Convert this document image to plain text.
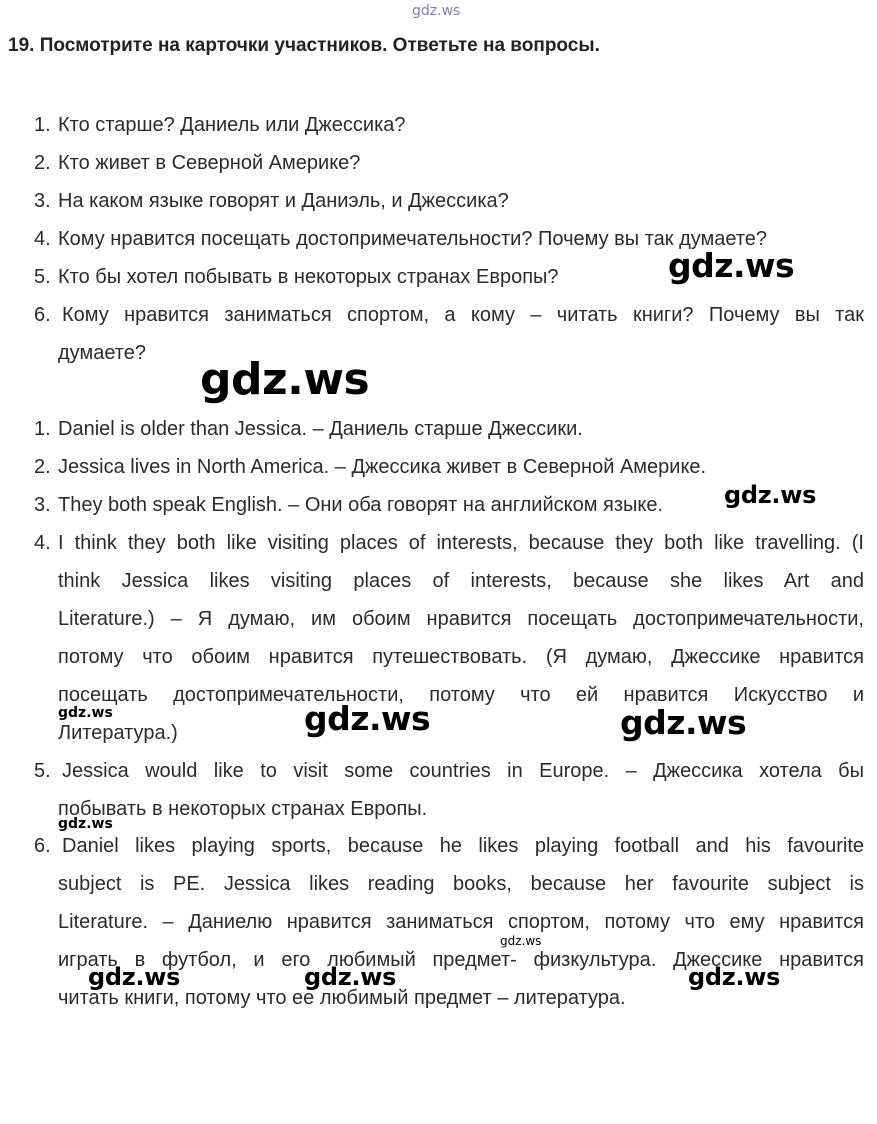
gdz.ws
19. Посмотрите на карточки участников. Ответьте на вопросы.
1. Кто старше? Даниель или Джессика?
2. Кто живет в Северной Америке?
3. На каком языке говорят и Даниэль, и Джессика?
4. Кому нравится посещать достопримечательности? Почему вы так думаете?
5. Кто бы хотел побывать в некоторых странах Европы?
6. Кому нравится заниматься спортом, а кому – читать книги? Почему вы так
думаете?
1. Daniel is older than Jessica. – Даниель старше Джессики.
2. Jessica lives in North America. – Джессика живет в Северной Америке.
3. They both speak English. – Они оба говорят на английском языке.
4. I think they both like visiting places of interests, because they both like travelling. (I
think Jessica likes visiting places of interests, because she likes Art and
Literature.) – Я думаю, им обоим нравится посещать достопримечательности,
потому что обоим нравится путешествовать. (Я думаю, Джессике нравится
посещать достопримечательности, потому что ей нравится Искусство и
Литература.)
5. Jessica would like to visit some countries in Europe. – Джессика хотела бы
побывать в некоторых странах Европы.
6. Daniel likes playing sports, because he likes playing football and his favourite
subject is PE. Jessica likes reading books, because her favourite subject is
Literature. – Даниелю нравится заниматься спортом, потому что ему нравится
играть в футбол, и его любимый предмет- физкультура. Джессике нравится
читать книги, потому что ее любимый предмет – литература.
gdz.ws
gdz.ws
gdz.ws
gdz.ws	gdz.ws	gdz.ws
gdz.ws
gdz.ws
gdz.ws	gdz.ws	gdz.ws
